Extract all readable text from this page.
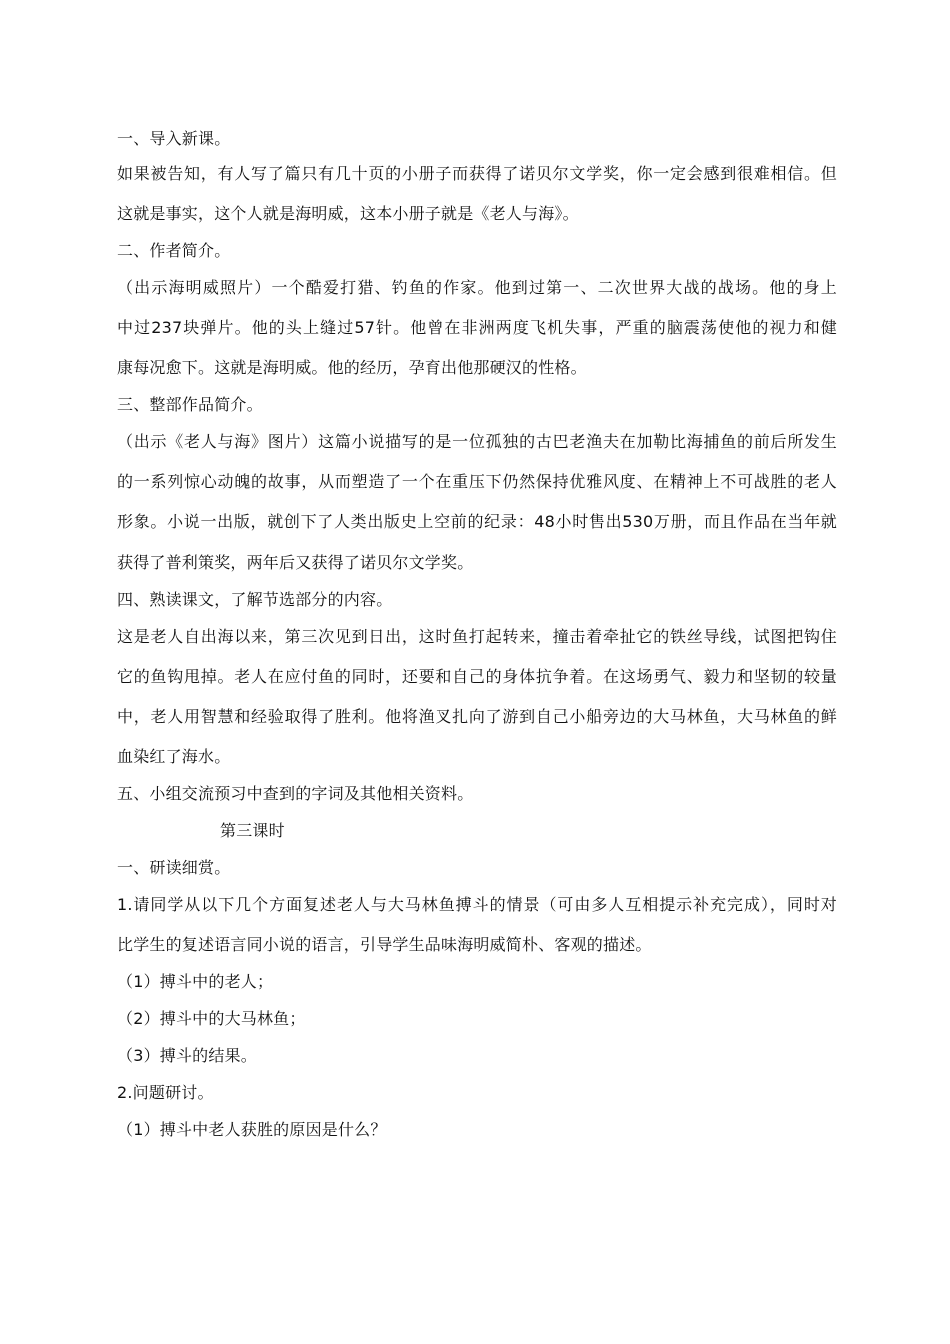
一、导入新课。
如果被告知，有人写了篇只有几十页的小册子而获得了诺贝尔文学奖，你一定会感到很难相信。但
这就是事实，这个人就是海明威，这本小册子就是《老人与海》。
二、作者简介。
（出示海明威照片）一个酷爱打猎、钓鱼的作家。他到过第一、二次世界大战的战场。他的身上
中过237块弹片。他的头上缝过57针。他曾在非洲两度飞机失事，严重的脑震荡使他的视力和健
康每况愈下。这就是海明威。他的经历，孕育出他那硬汉的性格。
三、整部作品简介。
（出示《老人与海》图片）这篇小说描写的是一位孤独的古巴老渔夫在加勒比海捕鱼的前后所发生
的一系列惊心动魄的故事，从而塑造了一个在重压下仍然保持优雅风度、在精神上不可战胜的老人
形象。小说一出版，就创下了人类出版史上空前的纪录：48小时售出530万册，而且作品在当年就
获得了普利策奖，两年后又获得了诺贝尔文学奖。
四、熟读课文，了解节选部分的内容。
这是老人自出海以来，第三次见到日出，这时鱼打起转来，撞击着牵扯它的铁丝导线，试图把钩住
它的鱼钩甩掉。老人在应付鱼的同时，还要和自己的身体抗争着。在这场勇气、毅力和坚韧的较量
中，老人用智慧和经验取得了胜利。他将渔叉扎向了游到自己小船旁边的大马林鱼，大马林鱼的鲜
血染红了海水。
五、小组交流预习中查到的字词及其他相关资料。
第三课时
一、研读细赏。
1.请同学从以下几个方面复述老人与大马林鱼搏斗的情景（可由多人互相提示补充完成），同时对
比学生的复述语言同小说的语言，引导学生品味海明威简朴、客观的描述。
（1）搏斗中的老人；
（2）搏斗中的大马林鱼；
（3）搏斗的结果。
2.问题研讨。
（1）搏斗中老人获胜的原因是什么？
